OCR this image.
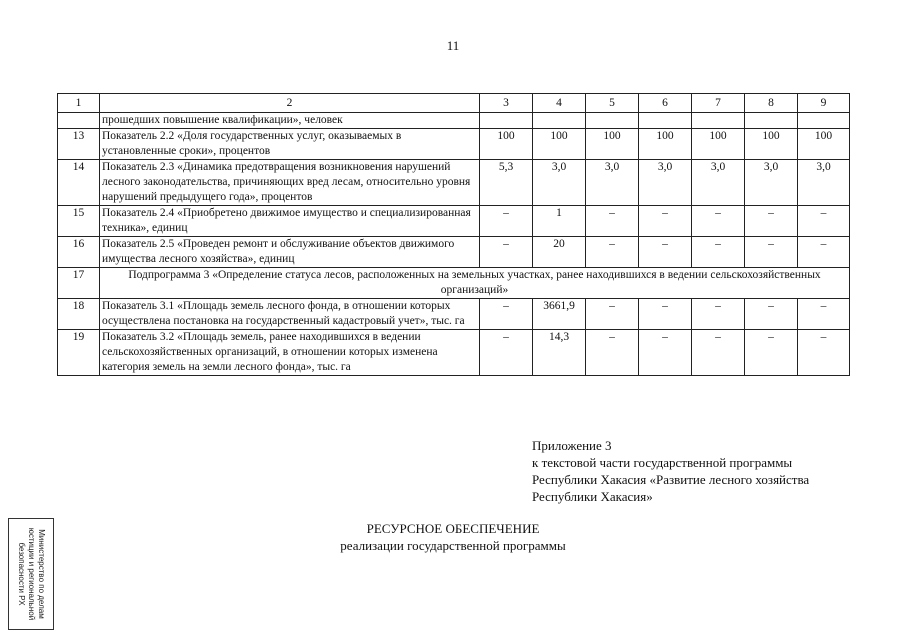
11
1	2	3	4	5	6	7	8	9
	прошедших повышение квалификации», человек							
13	Показатель 2.2 «Доля государственных услуг, оказываемых в установленные сроки», процентов	100	100	100	100	100	100	100
14	Показатель 2.3 «Динамика предотвращения возникновения нарушений лесного законодательства, причиняющих вред лесам, относительно уровня нарушений предыдущего года», процентов	5,3	3,0	3,0	3,0	3,0	3,0	3,0
15	Показатель 2.4 «Приобретено движимое имущество и специализированная техника», единиц	–	1	–	–	–	–	–
16	Показатель 2.5 «Проведен ремонт и обслуживание объектов движимого имущества лесного хозяйства», единиц	–	20	–	–	–	–	–
17	Подпрограмма 3 «Определение статуса лесов, расположенных на земельных участках, ранее находившихся в ведении сельскохозяйственных организаций»							
18	Показатель 3.1 «Площадь земель лесного фонда, в отношении которых осуществлена постановка на государственный кадастровый учет», тыс. га	–	3661,9	–	–	–	–	–
19	Показатель 3.2 «Площадь земель, ранее находившихся в ведении сельскохозяйственных организаций, в отношении которых изменена категория земель на земли лесного фонда», тыс. га	–	14,3	–	–	–	–	–
Приложение 3
к текстовой части государственной программы
Республики Хакасия «Развитие лесного хозяйства
Республики Хакасия»
РЕСУРСНОЕ ОБЕСПЕЧЕНИЕ
реализации государственной программы
Министерство по делам
юстиции и региональной
безопасности РХ
